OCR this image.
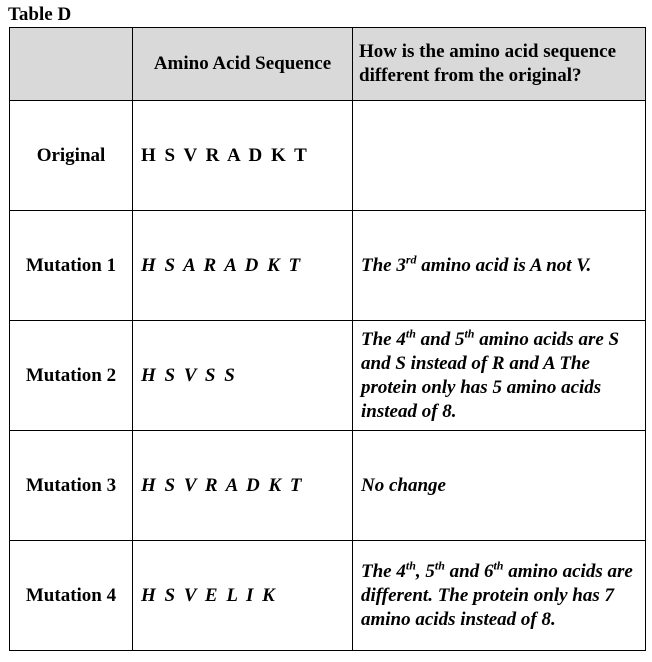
Table D
	Amino Acid Sequence	How is the amino acid sequence different from the original?
Original	H S V R A D K T	
Mutation 1	H S A R A D K T	The 3rd amino acid is A not V.
Mutation 2	H S V S S	The 4th and 5th amino acids are S and S instead of R and A The protein only has 5 amino acids instead of 8.
Mutation 3	H S V R A D K T	No change
Mutation 4	H S V E L I K	The 4th, 5th and 6th amino acids are different. The protein only has 7 amino acids instead of 8.
